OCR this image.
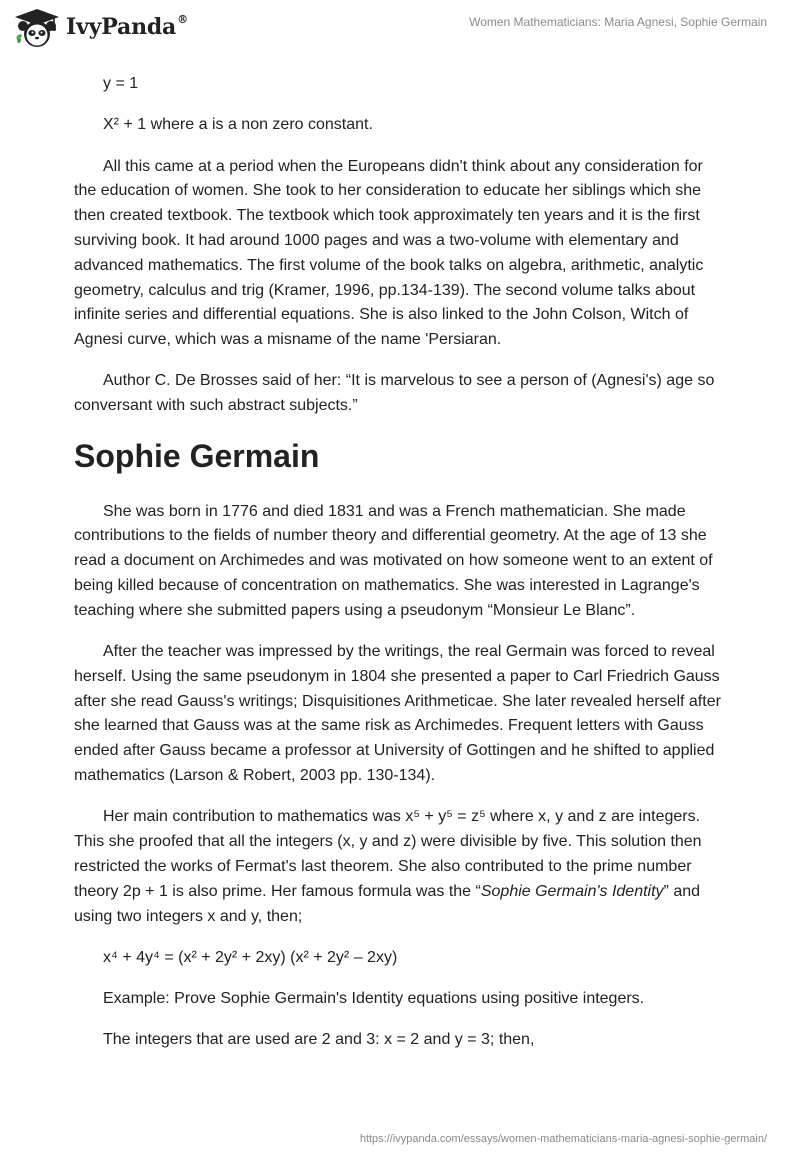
IvyPanda®	Women Mathematicians: Maria Agnesi, Sophie Germain

y = 1

X² + 1 where a is a non zero constant.

All this came at a period when the Europeans didn't think about any consideration for the education of women. She took to her consideration to educate her siblings which she then created textbook. The textbook which took approximately ten years and it is the first surviving book. It had around 1000 pages and was a two-volume with elementary and advanced mathematics. The first volume of the book talks on algebra, arithmetic, analytic geometry, calculus and trig (Kramer, 1996, pp.134-139). The second volume talks about infinite series and differential equations. She is also linked to the John Colson, Witch of Agnesi curve, which was a misname of the name 'Persiaran.

Author C. De Brosses said of her: “It is marvelous to see a person of (Agnesi's) age so conversant with such abstract subjects.”

Sophie Germain

She was born in 1776 and died 1831 and was a French mathematician. She made contributions to the fields of number theory and differential geometry. At the age of 13 she read a document on Archimedes and was motivated on how someone went to an extent of being killed because of concentration on mathematics. She was interested in Lagrange's teaching where she submitted papers using a pseudonym “Monsieur Le Blanc”.

After the teacher was impressed by the writings, the real Germain was forced to reveal herself. Using the same pseudonym in 1804 she presented a paper to Carl Friedrich Gauss after she read Gauss's writings; Disquisitiones Arithmeticae. She later revealed herself after she learned that Gauss was at the same risk as Archimedes. Frequent letters with Gauss ended after Gauss became a professor at University of Gottingen and he shifted to applied mathematics (Larson & Robert, 2003 pp. 130-134).

Her main contribution to mathematics was x⁵ + y⁵ = z⁵ where x, y and z are integers. This she proofed that all the integers (x, y and z) were divisible by five. This solution then restricted the works of Fermat's last theorem. She also contributed to the prime number theory 2p + 1 is also prime. Her famous formula was the “Sophie Germain's Identity” and using two integers x and y, then;

x⁴ + 4y⁴ = (x² + 2y² + 2xy) (x² + 2y² – 2xy)

Example: Prove Sophie Germain's Identity equations using positive integers.

The integers that are used are 2 and 3: x = 2 and y = 3; then,

https://ivypanda.com/essays/women-mathematicians-maria-agnesi-sophie-germain/
